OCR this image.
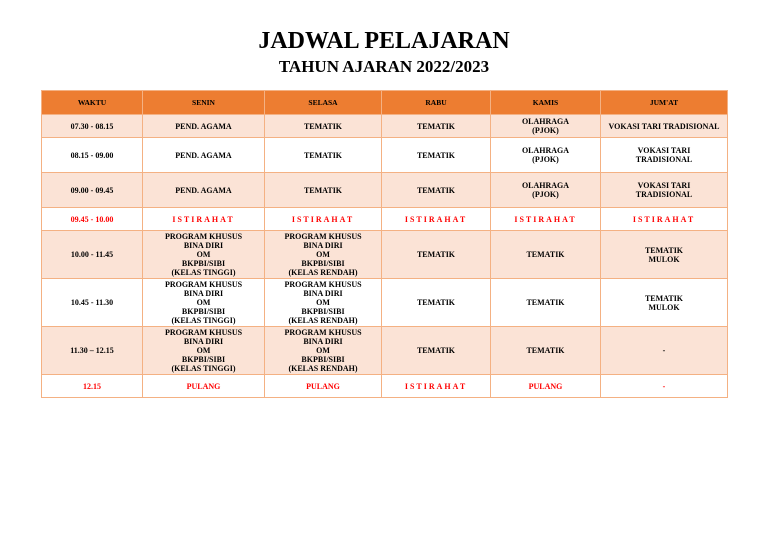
JADWAL PELAJARAN
TAHUN AJARAN 2022/2023
WAKTU	SENIN	SELASA	RABU	KAMIS	JUM'AT
07.30 - 08.15	PEND. AGAMA	TEMATIK	TEMATIK	OLAHRAGA
(PJOK)	VOKASI TARI TRADISIONAL
08.15 - 09.00	PEND. AGAMA	TEMATIK	TEMATIK	OLAHRAGA
(PJOK)	VOKASI TARI
TRADISIONAL
09.00 - 09.45	PEND. AGAMA	TEMATIK	TEMATIK	OLAHRAGA
(PJOK)	VOKASI TARI
TRADISIONAL
09.45 - 10.00	ISTIRAHAT	ISTIRAHAT	ISTIRAHAT	ISTIRAHAT	ISTIRAHAT
10.00 - 11.45	PROGRAM KHUSUS
BINA DIRI
OM
BKPBI/SIBI
(KELAS TINGGI)	PROGRAM KHUSUS
BINA DIRI
OM
BKPBI/SIBI
(KELAS RENDAH)	TEMATIK	TEMATIK	TEMATIK
MULOK
10.45 - 11.30	PROGRAM KHUSUS
BINA DIRI
OM
BKPBI/SIBI
(KELAS TINGGI)	PROGRAM KHUSUS
BINA DIRI
OM
BKPBI/SIBI
(KELAS RENDAH)	TEMATIK	TEMATIK	TEMATIK
MULOK
11.30 – 12.15	PROGRAM KHUSUS
BINA DIRI
OM
BKPBI/SIBI
(KELAS TINGGI)	PROGRAM KHUSUS
BINA DIRI
OM
BKPBI/SIBI
(KELAS RENDAH)	TEMATIK	TEMATIK	-
12.15	PULANG	PULANG	ISTIRAHAT	PULANG	-
